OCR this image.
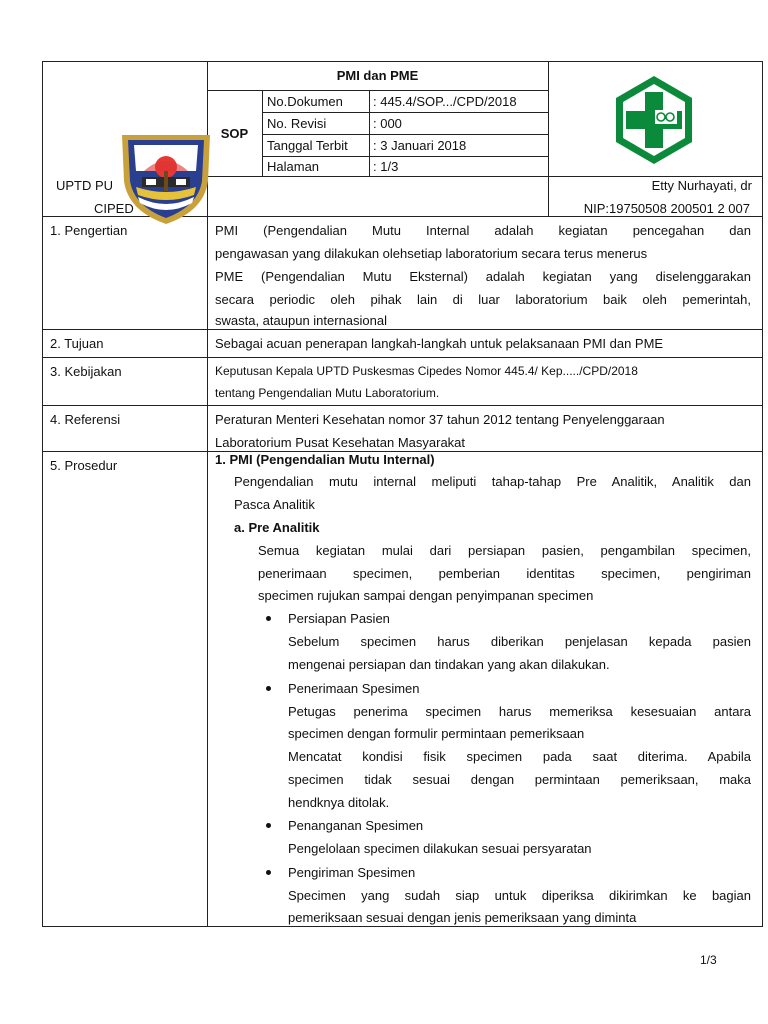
PMI dan PME
SOP
No.Dokumen : 445.4/SOP.../CPD/2018
No. Revisi	: 000
Tanggal Terbit : 3 Januari 2018
Halaman	: 1/3
UPTD PU
CIPED
Etty Nurhayati, dr
NIP:19750508 200501 2 007
1. Pengertian
2. Tujuan
3. Kebijakan
4. Referensi
5. Prosedur
PMI (Pengendalian Mutu Internal adalah kegiatan pencegahan dan
pengawasan yang dilakukan olehsetiap laboratorium secara terus menerus
PME (Pengendalian Mutu Eksternal) adalah kegiatan yang diselenggarakan
secara periodic oleh pihak lain di luar laboratorium baik oleh pemerintah,
swasta, ataupun internasional
Sebagai acuan penerapan langkah-langkah untuk pelaksanaan PMI dan PME
Keputusan Kepala UPTD Puskesmas Cipedes Nomor 445.4/ Kep...../CPD/2018
tentang Pengendalian Mutu Laboratorium.
Peraturan Menteri Kesehatan nomor 37 tahun 2012 tentang Penyelenggaraan
Laboratorium Pusat Kesehatan Masyarakat
1. PMI (Pengendalian Mutu Internal)
Pengendalian mutu internal meliputi tahap-tahap Pre Analitik, Analitik dan
Pasca Analitik
a. Pre Analitik
Semua kegiatan mulai dari persiapan pasien, pengambilan specimen,
penerimaan specimen, pemberian identitas specimen, pengiriman
specimen rujukan sampai dengan penyimpanan specimen
Persiapan Pasien
Sebelum specimen harus diberikan penjelasan kepada pasien
mengenai persiapan dan tindakan yang akan dilakukan.
Penerimaan Spesimen
Petugas penerima specimen harus memeriksa kesesuaian antara
specimen dengan formulir permintaan pemeriksaan
Mencatat kondisi fisik specimen pada saat diterima. Apabila
specimen tidak sesuai dengan permintaan pemeriksaan, maka
hendknya ditolak.
Penanganan Spesimen
Pengelolaan specimen dilakukan sesuai persyaratan
Pengiriman Spesimen
Specimen yang sudah siap untuk diperiksa dikirimkan ke bagian
pemeriksaan sesuai dengan jenis pemeriksaan yang diminta
1/3
